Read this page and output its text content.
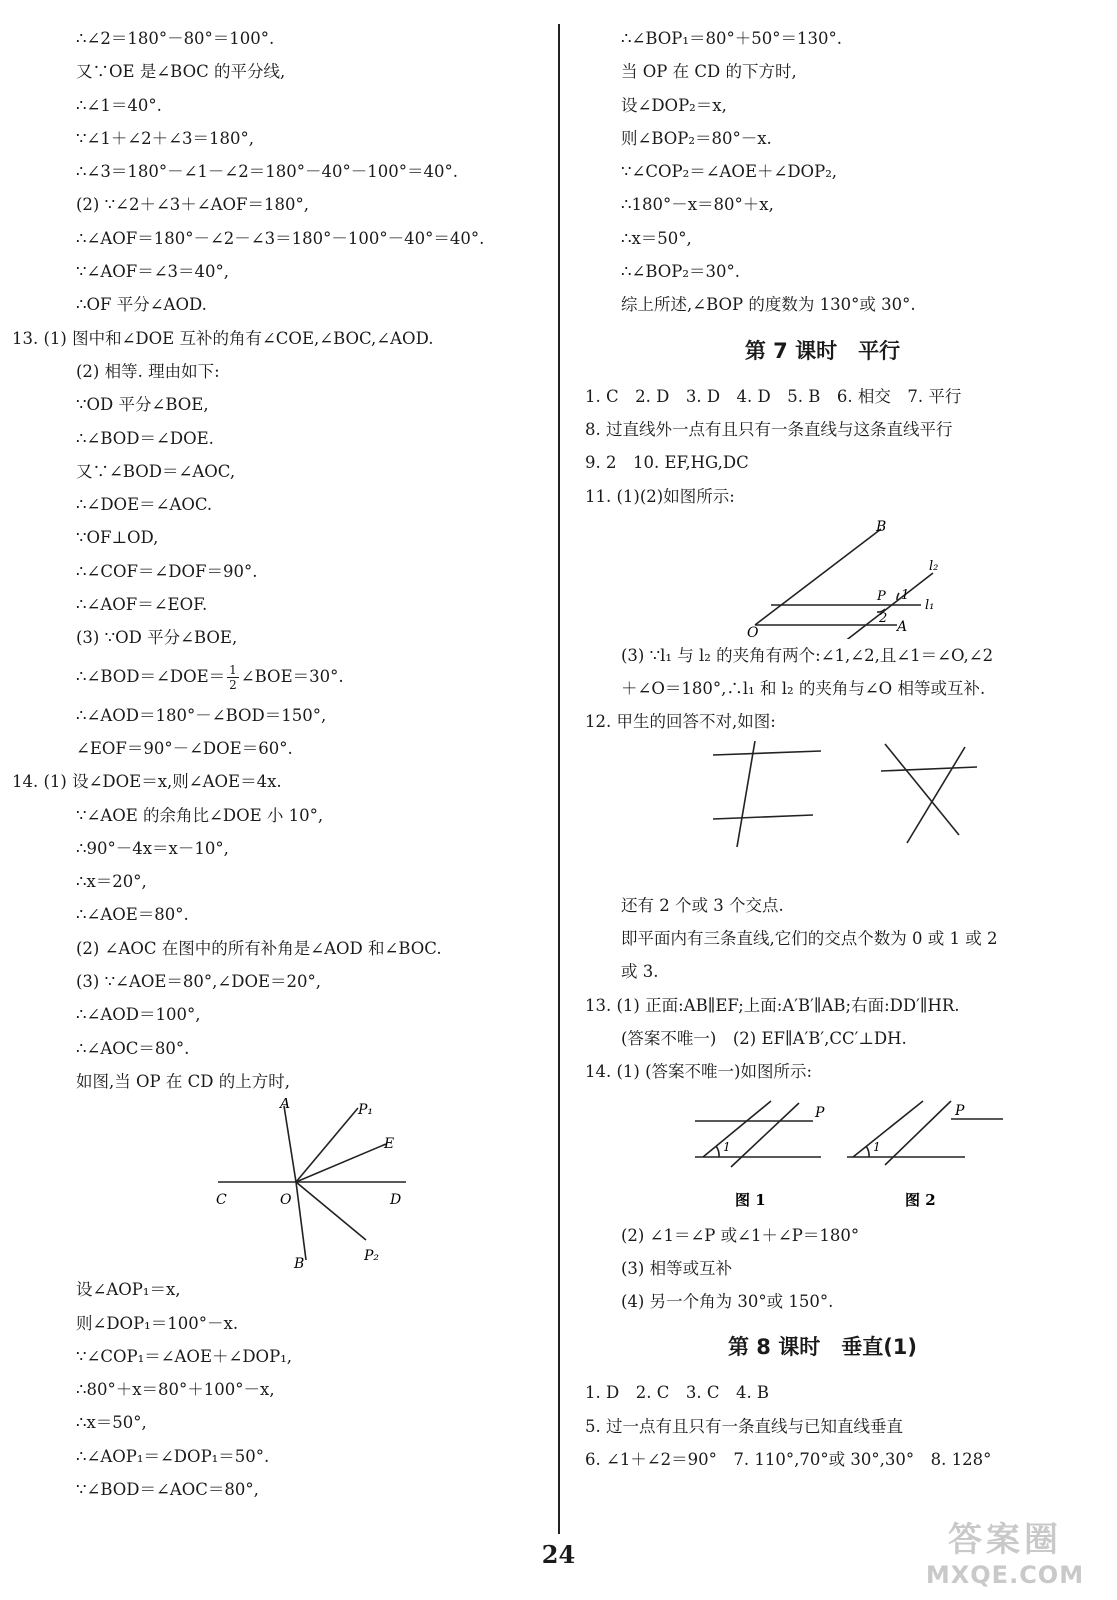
∴∠2＝180°－80°＝100°.
又∵OE 是∠BOC 的平分线,
∴∠1＝40°.
∵∠1＋∠2＋∠3＝180°,
∴∠3＝180°－∠1－∠2＝180°－40°－100°＝40°.
(2) ∵∠2＋∠3＋∠AOF＝180°,
∴∠AOF＝180°－∠2－∠3＝180°－100°－40°＝40°.
∵∠AOF＝∠3＝40°,
∴OF 平分∠AOD.
13. (1) 图中和∠DOE 互补的角有∠COE,∠BOC,∠AOD.
(2) 相等. 理由如下:
∵OD 平分∠BOE,
∴∠BOD＝∠DOE.
又∵∠BOD＝∠AOC,
∴∠DOE＝∠AOC.
∵OF⊥OD,
∴∠COF＝∠DOF＝90°.
∴∠AOF＝∠EOF.
(3) ∵OD 平分∠BOE,
∴∠BOD＝∠DOE＝ $\frac{1}{2}$ ∠BOE＝30°.
∴∠AOD＝180°－∠BOD＝150°,
∠EOF＝90°－∠DOE＝60°.
14. (1) 设∠DOE＝x,则∠AOE＝4x.
∵∠AOE 的余角比∠DOE 小 10°,
∴90°－4x＝x－10°,
∴x＝20°,
∴∠AOE＝80°.
(2) ∠AOC 在图中的所有补角是∠AOD 和∠BOC.
(3) ∵∠AOE＝80°,∠DOE＝20°,
∴∠AOD＝100°,
∴∠AOC＝80°.
如图,当 OP 在 CD 的上方时,
A	P₁
E
C	O	D
B	P₂
设∠AOP₁＝x,
则∠DOP₁＝100°－x.
∵∠COP₁＝∠AOE＋∠DOP₁,
∴80°＋x＝80°＋100°－x,
∴x＝50°,
∴∠AOP₁＝∠DOP₁＝50°.
∵∠BOD＝∠AOC＝80°,
∴∠BOP₁＝80°＋50°＝130°.
当 OP 在 CD 的下方时,
设∠DOP₂＝x,
则∠BOP₂＝80°－x.
∵∠COP₂＝∠AOE＋∠DOP₂,
∴180°－x＝80°＋x,
∴x＝50°,
∴∠BOP₂＝30°.
综上所述,∠BOP 的度数为 130°或 30°.
第 7 课时　平行
1. C　2. D　3. D　4. D　5. B　6. 相交　7. 平行
8. 过直线外一点有且只有一条直线与这条直线平行
9. 2　10. EF,HG,DC
11. (1)(2)如图所示:
B
l₂
P 1
l₁
2
O	A
(3) ∵l₁ 与 l₂ 的夹角有两个:∠1,∠2,且∠1＝∠O,∠2
＋∠O＝180°,∴l₁ 和 l₂ 的夹角与∠O 相等或互补.
12. 甲生的回答不对,如图:
还有 2 个或 3 个交点.
即平面内有三条直线,它们的交点个数为 0 或 1 或 2
或 3.
13. (1) 正面:AB∥EF;上面:A′B′∥AB;右面:DD′∥HR.
(答案不唯一)　(2) EF∥A′B′,CC′⊥DH.
14. (1) (答案不唯一)如图所示:
P
1
P
1
图 1	图 2
(2) ∠1＝∠P 或∠1＋∠P＝180°
(3) 相等或互补
(4) 另一个角为 30°或 150°.
第 8 课时　垂直(1)
1. D　2. C　3. C　4. B
5. 过一点有且只有一条直线与已知直线垂直
6. ∠1＋∠2＝90°　7. 110°,70°或 30°,30°　8. 128°
24	答案圈
MXQE.COM
